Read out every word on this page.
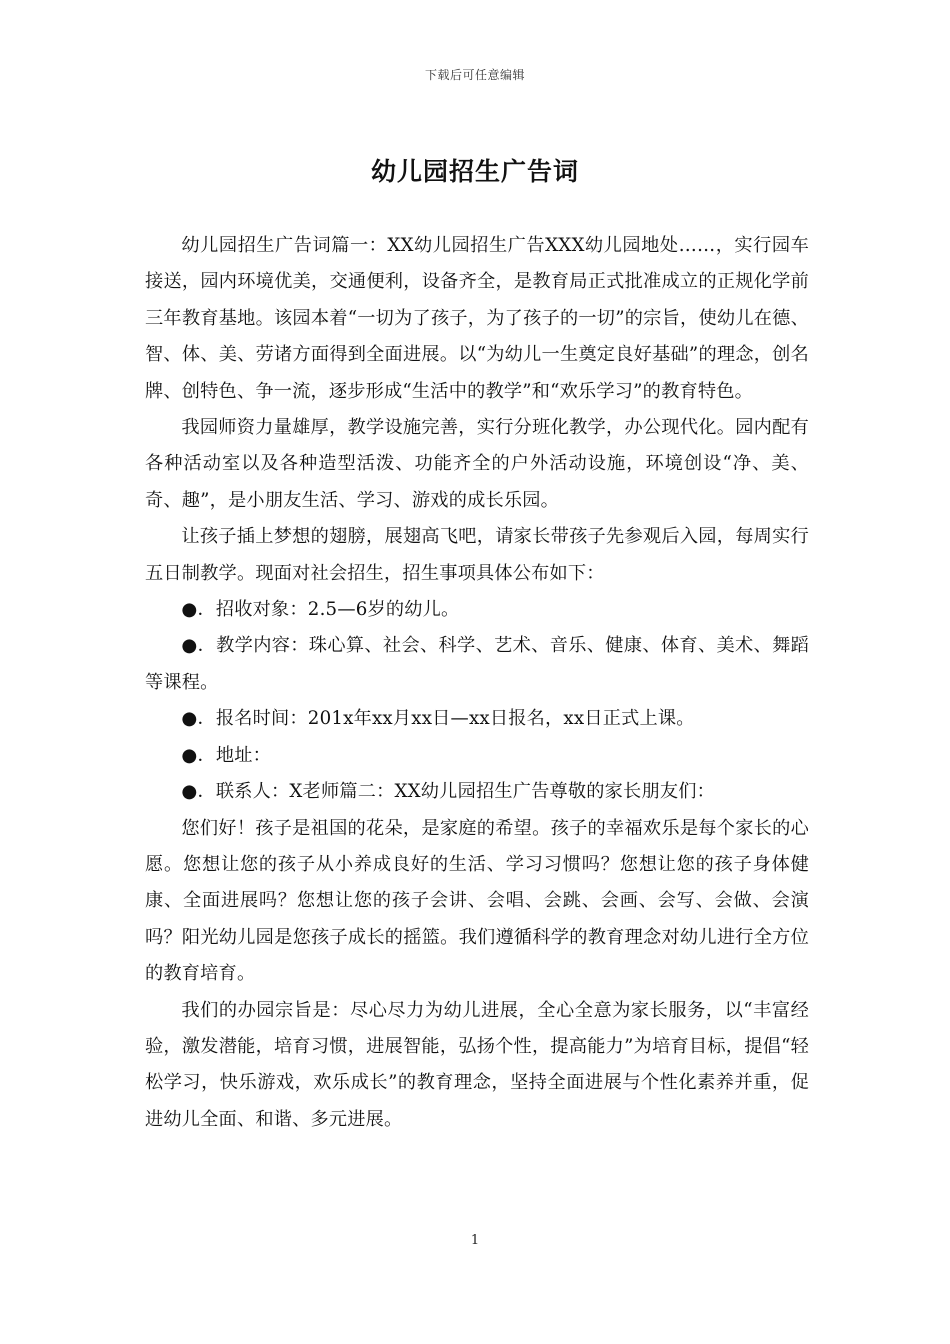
下载后可任意编辑
幼儿园招生广告词

幼儿园招生广告词篇一：XX幼儿园招生广告XXX幼儿园地处……，实行园车接送，园内环境优美，交通便利，设备齐全，是教育局正式批准成立的正规化学前三年教育基地。该园本着“一切为了孩子，为了孩子的一切”的宗旨，使幼儿在德、智、体、美、劳诸方面得到全面进展。以“为幼儿一生奠定良好基础”的理念，创名牌、创特色、争一流，逐步形成“生活中的教学”和“欢乐学习”的教育特色。

我园师资力量雄厚，教学设施完善，实行分班化教学，办公现代化。园内配有各种活动室以及各种造型活泼、功能齐全的户外活动设施，环境创设“净、美、奇、趣”，是小朋友生活、学习、游戏的成长乐园。

让孩子插上梦想的翅膀，展翅高飞吧，请家长带孩子先参观后入园，每周实行五日制教学。现面对社会招生，招生事项具体公布如下：

●．招收对象：2.5—6岁的幼儿。

●．教学内容：珠心算、社会、科学、艺术、音乐、健康、体育、美术、舞蹈等课程。

●．报名时间：201x年xx月xx日—xx日报名，xx日正式上课。

●．地址：

●．联系人：X老师篇二：XX幼儿园招生广告尊敬的家长朋友们：

您们好！孩子是祖国的花朵，是家庭的希望。孩子的幸福欢乐是每个家长的心愿。您想让您的孩子从小养成良好的生活、学习习惯吗？您想让您的孩子身体健康、全面进展吗？您想让您的孩子会讲、会唱、会跳、会画、会写、会做、会演吗？阳光幼儿园是您孩子成长的摇篮。我们遵循科学的教育理念对幼儿进行全方位的教育培育。

我们的办园宗旨是：尽心尽力为幼儿进展，全心全意为家长服务，以“丰富经验，激发潜能，培育习惯，进展智能，弘扬个性，提高能力”为培育目标，提倡“轻松学习，快乐游戏，欢乐成长”的教育理念，坚持全面进展与个性化素养并重，促进幼儿全面、和谐、多元进展。

1
